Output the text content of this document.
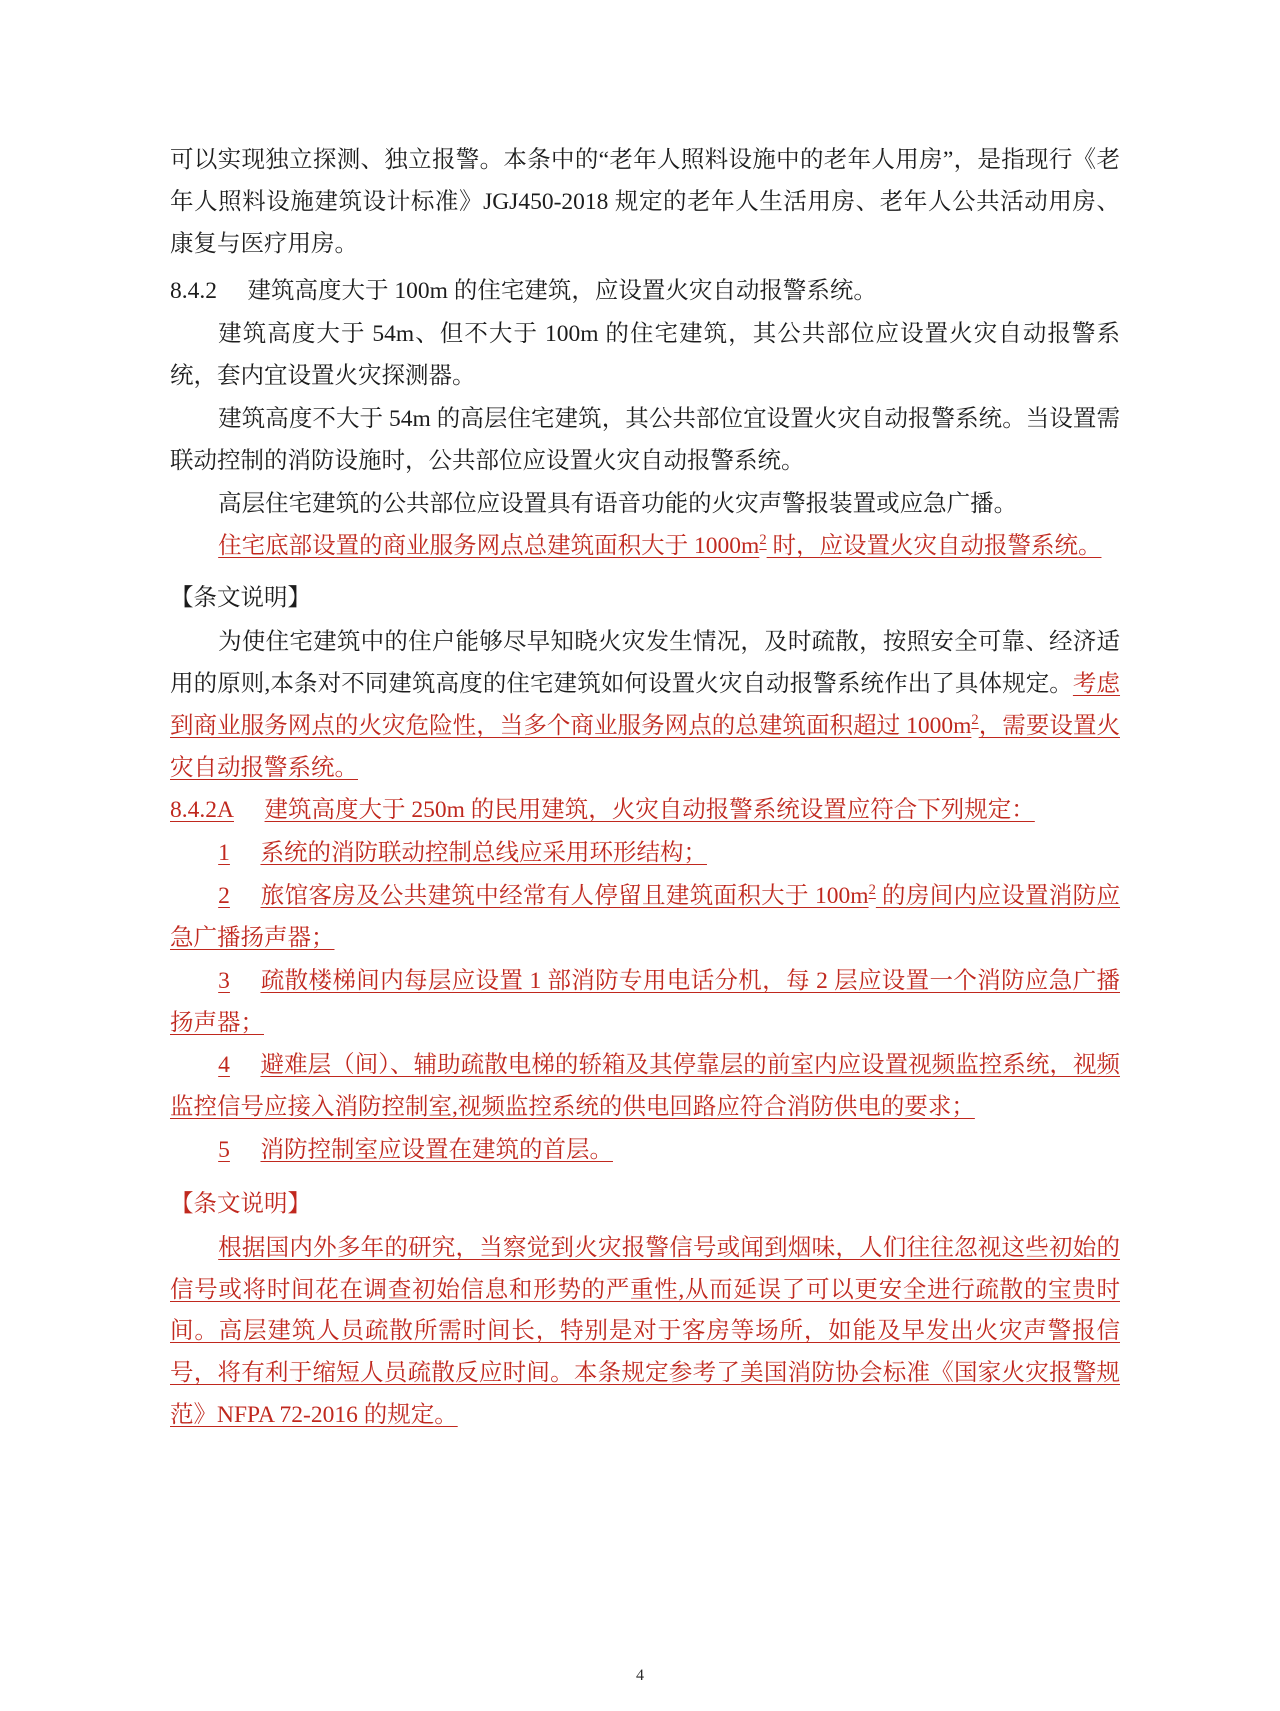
可以实现独立探测、独立报警。本条中的“老年人照料设施中的老年人用房”，是指现行《老年人照料设施建筑设计标准》JGJ450-2018 规定的老年人生活用房、老年人公共活动用房、康复与医疗用房。

8.4.2 建筑高度大于 100m 的住宅建筑，应设置火灾自动报警系统。

建筑高度大于 54m、但不大于 100m 的住宅建筑，其公共部位应设置火灾自动报警系统，套内宜设置火灾探测器。

建筑高度不大于 54m 的高层住宅建筑，其公共部位宜设置火灾自动报警系统。当设置需联动控制的消防设施时，公共部位应设置火灾自动报警系统。

高层住宅建筑的公共部位应设置具有语音功能的火灾声警报装置或应急广播。

住宅底部设置的商业服务网点总建筑面积大于 $1000m^2$ 时，应设置火灾自动报警系统。

【条文说明】

为使住宅建筑中的住户能够尽早知晓火灾发生情况，及时疏散，按照安全可靠、经济适用的原则,本条对不同建筑高度的住宅建筑如何设置火灾自动报警系统作出了具体规定。考虑到商业服务网点的火灾危险性，当多个商业服务网点的总建筑面积超过 $1000m^2$，需要设置火灾自动报警系统。

8.4.2A 建筑高度大于 250m 的民用建筑，火灾自动报警系统设置应符合下列规定：

1 系统的消防联动控制总线应采用环形结构；

2 旅馆客房及公共建筑中经常有人停留且建筑面积大于 $100m^2$ 的房间内应设置消防应急广播扬声器；

3 疏散楼梯间内每层应设置 1 部消防专用电话分机，每 2 层应设置一个消防应急广播扬声器；

4 避难层（间）、辅助疏散电梯的轿箱及其停靠层的前室内应设置视频监控系统，视频监控信号应接入消防控制室,视频监控系统的供电回路应符合消防供电的要求；

5 消防控制室应设置在建筑的首层。

【条文说明】

根据国内外多年的研究，当察觉到火灾报警信号或闻到烟味，人们往往忽视这些初始的信号或将时间花在调查初始信息和形势的严重性,从而延误了可以更安全进行疏散的宝贵时间。高层建筑人员疏散所需时间长，特别是对于客房等场所，如能及早发出火灾声警报信号，将有利于缩短人员疏散反应时间。本条规定参考了美国消防协会标准《国家火灾报警规范》NFPA 72-2016 的规定。

4
